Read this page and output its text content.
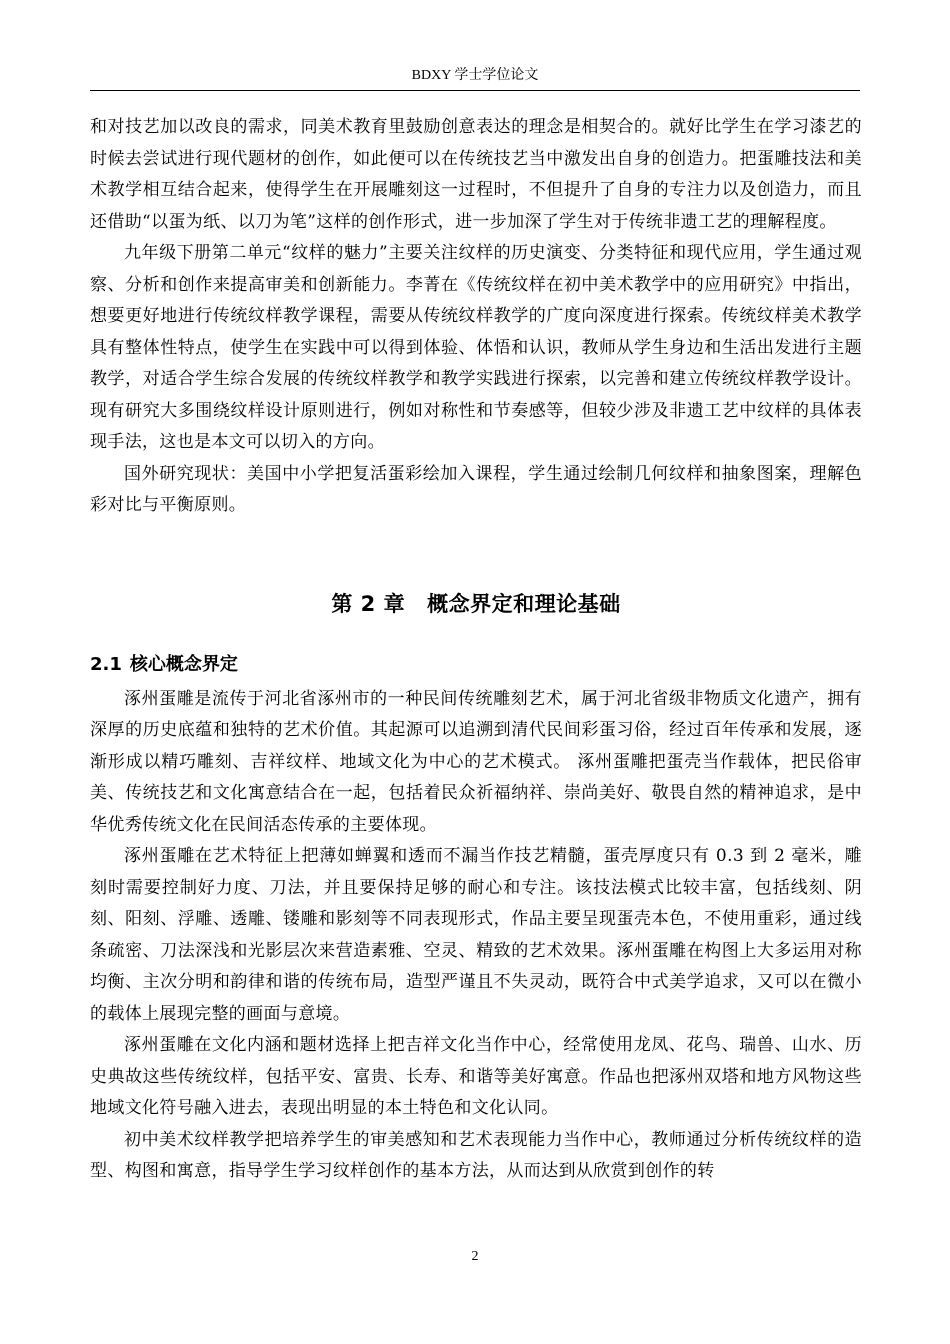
BDXY 学士学位论文

和对技艺加以改良的需求，同美术教育里鼓励创意表达的理念是相契合的。就好比学生在学习漆艺的时候去尝试进行现代题材的创作，如此便可以在传统技艺当中激发出自身的创造力。把蛋雕技法和美术教学相互结合起来，使得学生在开展雕刻这一过程时，不但提升了自身的专注力以及创造力，而且还借助“以蛋为纸、以刀为笔”这样的创作形式，进一步加深了学生对于传统非遗工艺的理解程度。

九年级下册第二单元“纹样的魅力”主要关注纹样的历史演变、分类特征和现代应用，学生通过观察、分析和创作来提高审美和创新能力。李菁在《传统纹样在初中美术教学中的应用研究》中指出，想要更好地进行传统纹样教学课程，需要从传统纹样教学的广度向深度进行探索。传统纹样美术教学具有整体性特点，使学生在实践中可以得到体验、体悟和认识，教师从学生身边和生活出发进行主题教学，对适合学生综合发展的传统纹样教学和教学实践进行探索，以完善和建立传统纹样教学设计。现有研究大多围绕纹样设计原则进行，例如对称性和节奏感等，但较少涉及非遗工艺中纹样的具体表现手法，这也是本文可以切入的方向。

国外研究现状：美国中小学把复活蛋彩绘加入课程，学生通过绘制几何纹样和抽象图案，理解色彩对比与平衡原则。

第 2 章 概念界定和理论基础
2.1 核心概念界定

涿州蛋雕是流传于河北省涿州市的一种民间传统雕刻艺术，属于河北省级非物质文化遗产，拥有深厚的历史底蕴和独特的艺术价值。其起源可以追溯到清代民间彩蛋习俗，经过百年传承和发展，逐渐形成以精巧雕刻、吉祥纹样、地域文化为中心的艺术模式。 涿州蛋雕把蛋壳当作载体，把民俗审美、传统技艺和文化寓意结合在一起，包括着民众祈福纳祥、崇尚美好、敬畏自然的精神追求，是中华优秀传统文化在民间活态传承的主要体现。

涿州蛋雕在艺术特征上把薄如蝉翼和透而不漏当作技艺精髓，蛋壳厚度只有 0.3 到 2 毫米，雕刻时需要控制好力度、刀法，并且要保持足够的耐心和专注。该技法模式比较丰富，包括线刻、阴刻、阳刻、浮雕、透雕、镂雕和影刻等不同表现形式，作品主要呈现蛋壳本色，不使用重彩，通过线条疏密、刀法深浅和光影层次来营造素雅、空灵、精致的艺术效果。涿州蛋雕在构图上大多运用对称均衡、主次分明和韵律和谐的传统布局，造型严谨且不失灵动，既符合中式美学追求，又可以在微小的载体上展现完整的画面与意境。

涿州蛋雕在文化内涵和题材选择上把吉祥文化当作中心，经常使用龙凤、花鸟、瑞兽、山水、历史典故这些传统纹样，包括平安、富贵、长寿、和谐等美好寓意。作品也把涿州双塔和地方风物这些地域文化符号融入进去，表现出明显的本土特色和文化认同。

初中美术纹样教学把培养学生的审美感知和艺术表现能力当作中心，教师通过分析传统纹样的造型、构图和寓意，指导学生学习纹样创作的基本方法，从而达到从欣赏到创作的转

2
